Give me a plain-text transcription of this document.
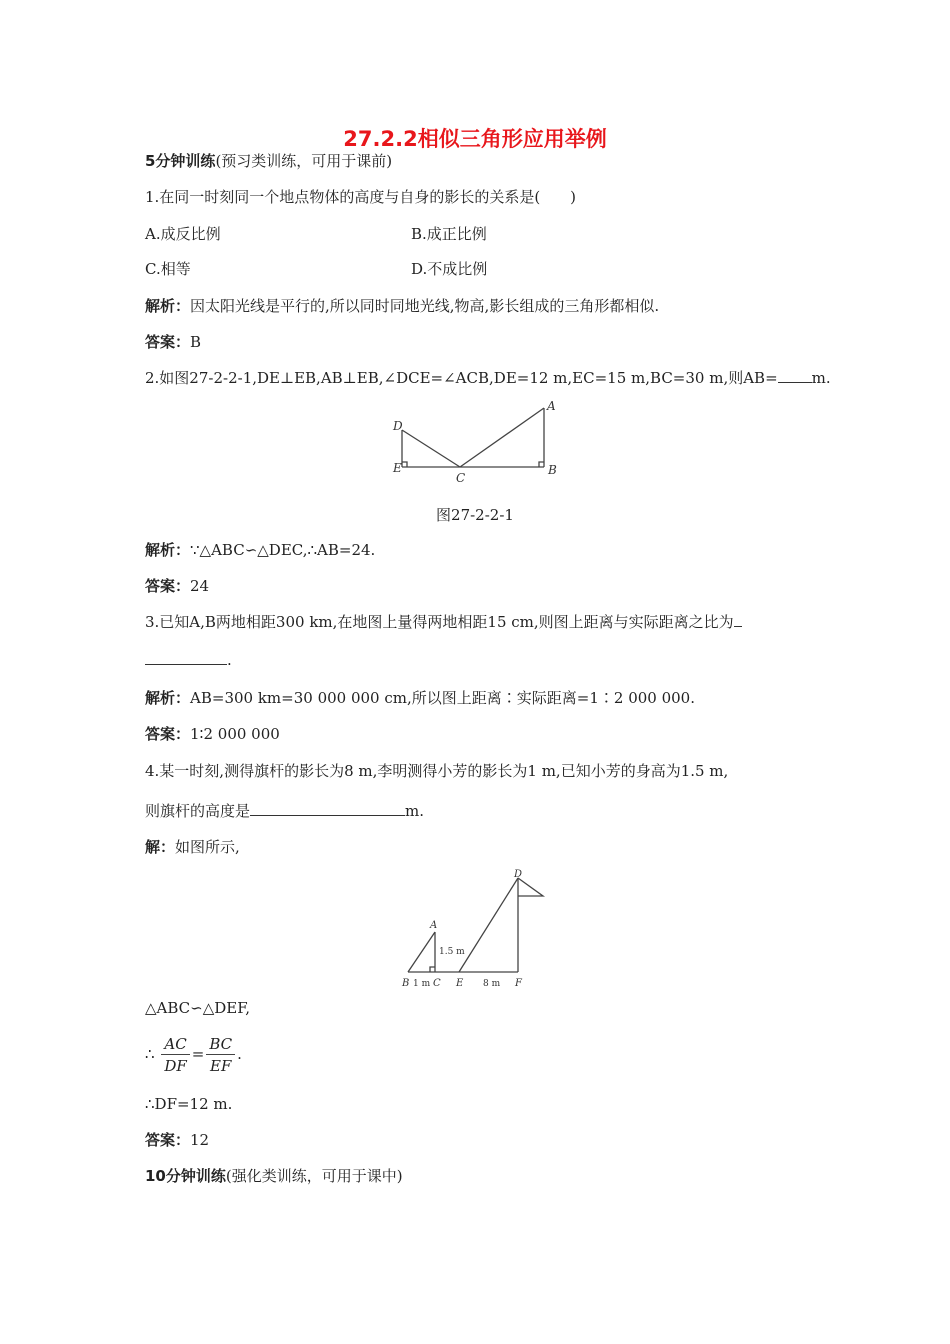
27.2.2相似三角形应用举例
5分钟训练(预习类训练，可用于课前)
1.在同一时刻同一个地点物体的高度与自身的影长的关系是(　　)
A.成反比例	B.成正比例
C.相等	D.不成比例
解析：因太阳光线是平行的,所以同时同地光线,物高,影长组成的三角形都相似.
答案：B
2.如图27-2-2-1,DE⊥EB,AB⊥EB,∠DCE=∠ACB,DE=12 m,EC=15 m,BC=30 m,则AB= m.
D
E
C
B
A
图27-2-2-1
解析：∵△ABC∽△DEC,∴AB=24.
答案：24
3.已知A,B两地相距300 km,在地图上量得两地相距15 cm,则图上距离与实际距离之比为
.
解析：AB=300 km=30 000 000 cm,所以图上距离∶实际距离=1∶2 000 000.
答案：1∶2 000 000
4.某一时刻,测得旗杆的影长为8 m,李明测得小芳的影长为1 m,已知小芳的身高为1.5 m,
则旗杆的高度是	m.
解：如图所示,
A
D
B C E	F
1.5 m
1 m	8 m
△ABC∽△DEF,
∴ $\frac{AC}{DF} = \frac{BC}{EF}$ .
∴DF=12 m.
答案：12
10分钟训练(强化类训练，可用于课中)
